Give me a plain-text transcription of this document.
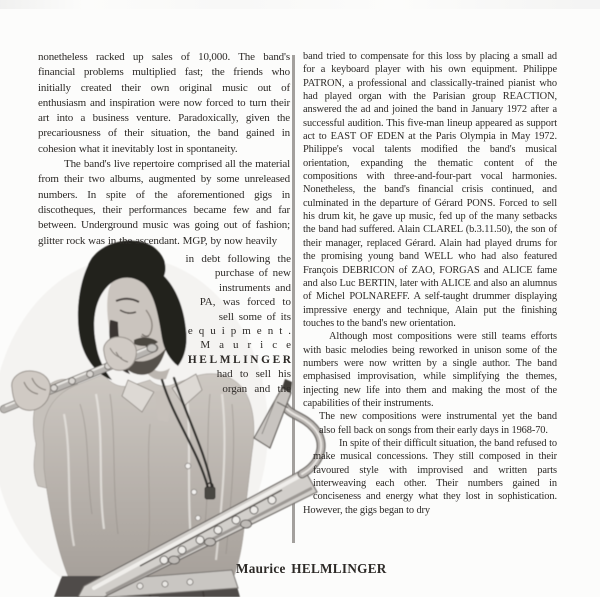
nonetheless racked up sales of 10,000. The band's financial problems multiplied fast; the friends who initially created their own original music out of enthusiasm and inspiration were now forced to turn their art into a business venture. Paradoxically, given the precariousness of their situation, the band gained in cohesion what it inevitably lost in spontaneity.

The band's live repertoire comprised all the material from their two albums, augmented by some unreleased numbers. In spite of the aforementioned gigs in discotheques, their performances became few and far between. Underground music was going out of fashion; glitter rock was in the ascendant. MGP, by now heavily

in debt following the
purchase of new
instruments and
PA, was forced to
sell some of its
equipment.
Maurice
HELMLINGER
had to sell his
organ and the

band tried to compensate for this loss by placing a small ad for a keyboard player with his own equipment. Philippe PATRON, a professional and classically-trained pianist who had played organ with the Parisian group REACTION, answered the ad and joined the band in January 1972 after a successful audition. This five-man lineup appeared as support act to EAST OF EDEN at the Paris Olympia in May 1972. Philippe's vocal talents modified the band's musical orientation, expanding the thematic content of the compositions with three-and-four-part vocal harmonies. Nonetheless, the band's financial crisis continued, and culminated in the departure of Gérard PONS. Forced to sell his drum kit, he gave up music, fed up of the many setbacks the band had suffered. Alain CLAREL (b.3.11.50), the son of their manager, replaced Gérard. Alain had played drums for the promising young band WELL who had also featured François DEBRICON of ZAO, FORGAS and ALICE fame and also Luc BERTIN, later with ALICE and also an alumnus of Michel POLNAREFF. A self-taught drummer displaying impressive energy and technique, Alain put the finishing touches to the band's new orientation.

Although most compositions were still teams efforts with basic melodies being reworked in unison some of the numbers were now written by a single author. The band emphasised improvisation, while simplifying the themes, injecting new life into them and making the most of the capabilities of their instruments.

The new compositions were instrumental yet the band also fell back on songs from their early days in 1968-70.

In spite of their difficult situation, the band refused to make musical concessions. They still composed in their favoured style with improvised and written parts interweaving each other. Their numbers gained in conciseness and energy what they lost in sophistication. However, the gigs began to dry

Maurice HELMLINGER
